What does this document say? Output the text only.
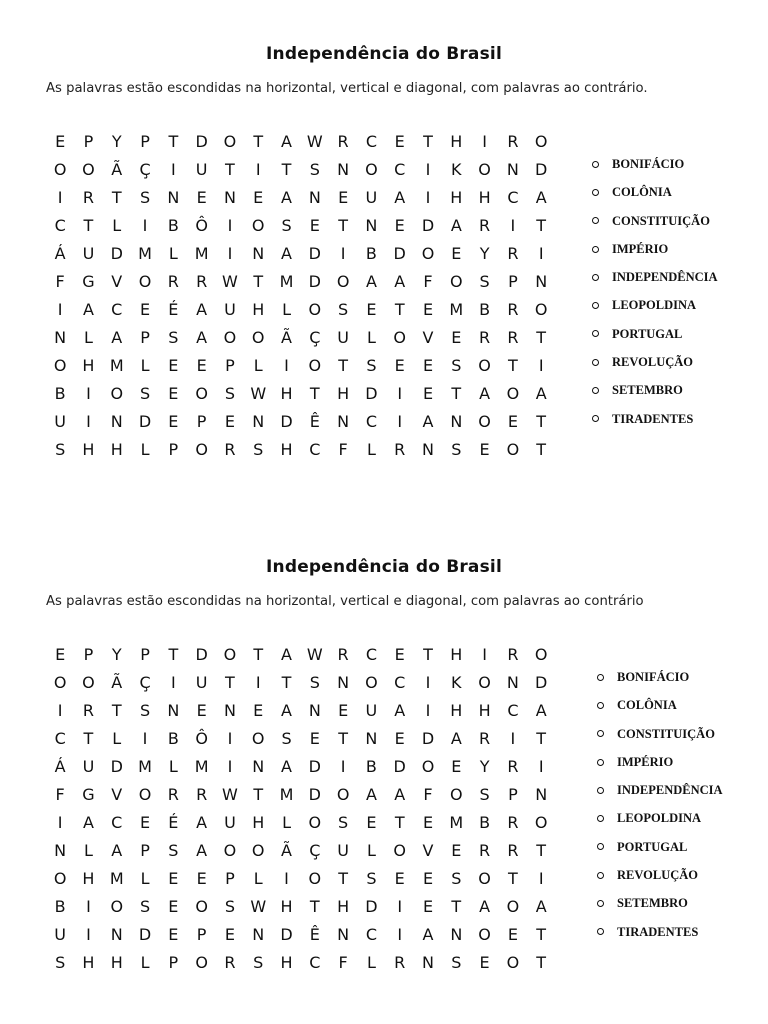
Independência do Brasil

As palavras estão escondidas na horizontal, vertical e diagonal, com palavras ao contrário.

E	P	Y	P	T	D O	T	A W R	C	E	T	H	I	R	O
O O	Ã	Ç	I	U	T	I	T	S	N	O	C	I	K	O	N	D
I	R	T	S	N	E	N	E	A	N	E	U	A	I	H	H	C	A
C	T	L	I	B	Ô	I	O	S	E	T	N	E	D	A	R	I	T
Á	U	D M	L	M	I	N	A	D	I	B	D O	E	Y	R	I
F	G	V	O	R	R W T	M D O	A	A	F	O	S	P	N
I	A	C	E	É	A	U	H	L	O	S	E	T	E	M B	R	O
N	L	A	P	S	A	O O	Ã	Ç	U	L	O	V	E	R	R	T
O H M	L	E	E	P	L	I	O	T	S	E	E	S	O	T	I
B	I	O	S	E	O	S W H	T	H	D	I	E	T	A	O	A
U	I	N	D	E	P	E	N	D	Ê	N	C	I	A	N	O	E	T
S	H	H	L	P	O	R	S	H	C	F	L	R	N	S	E	O	T
BONIFÁCIO
COLÔNIA
CONSTITUIÇÃO
IMPÉRIO
INDEPENDÊNCIA
LEOPOLDINA
PORTUGAL
REVOLUÇÃO
SETEMBRO
TIRADENTES
Independência do Brasil

As palavras estão escondidas na horizontal, vertical e diagonal, com palavras ao contrário

E	P	Y	P	T	D O	T	A W R	C	E	T	H	I	R	O
O O	Ã	Ç	I	U	T	I	T	S	N	O	C	I	K	O	N	D
I	R	T	S	N	E	N	E	A	N	E	U	A	I	H	H	C	A
C	T	L	I	B	Ô	I	O	S	E	T	N	E	D	A	R	I	T
Á	U	D M	L	M	I	N	A	D	I	B	D O	E	Y	R	I
F	G	V	O	R	R W T	M D O	A	A	F	O	S	P	N
I	A	C	E	É	A	U	H	L	O	S	E	T	E	M B	R	O
N	L	A	P	S	A	O O	Ã	Ç	U	L	O	V	E	R	R	T
O H M	L	E	E	P	L	I	O	T	S	E	E	S	O	T	I
B	I	O	S	E	O	S W H	T	H	D	I	E	T	A	O	A
U	I	N	D	E	P	E	N	D	Ê	N	C	I	A	N	O	E	T
S	H	H	L	P	O	R	S	H	C	F	L	R	N	S	E	O	T
BONIFÁCIO
COLÔNIA
CONSTITUIÇÃO
IMPÉRIO
INDEPENDÊNCIA
LEOPOLDINA
PORTUGAL
REVOLUÇÃO
SETEMBRO
TIRADENTES
